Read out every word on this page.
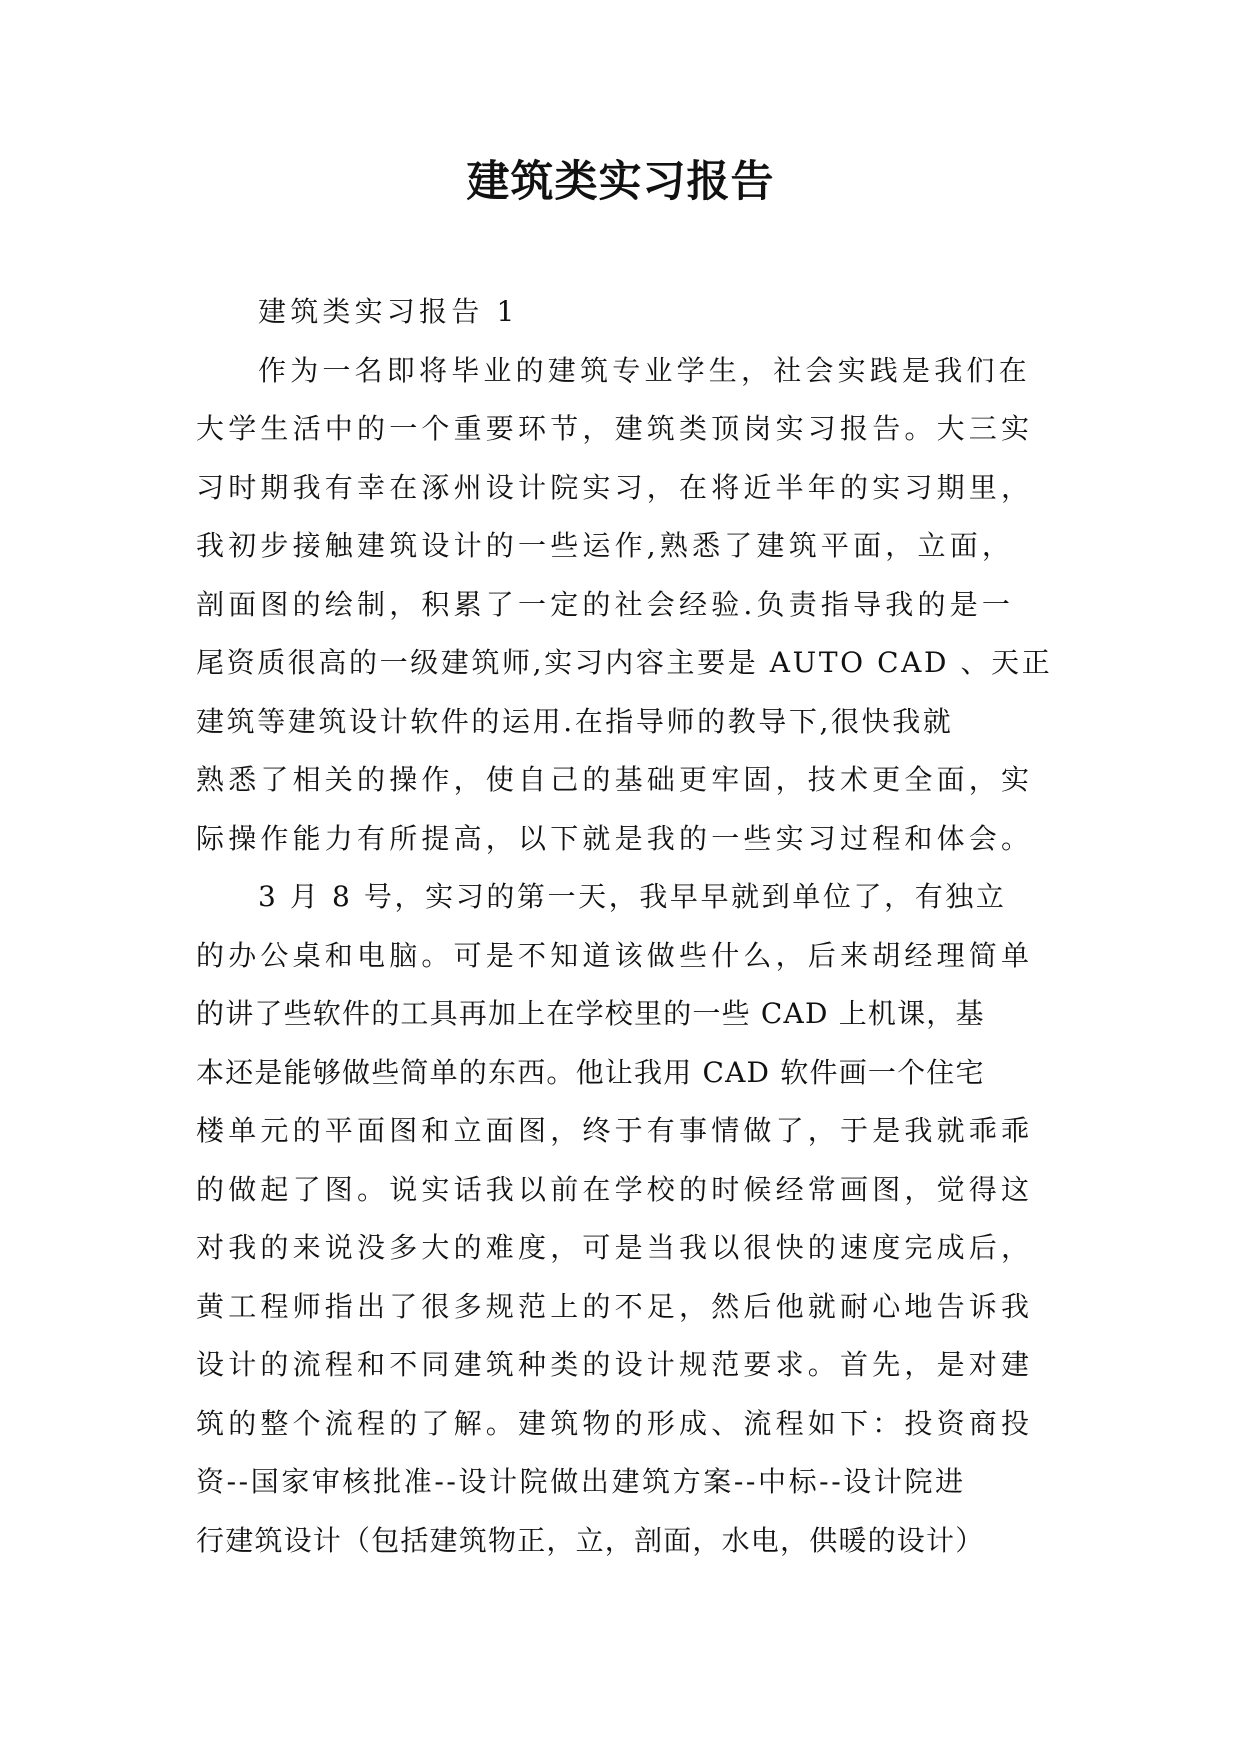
建筑类实习报告
建筑类实习报告 1
作为一名即将毕业的建筑专业学生，社会实践是我们在
大学生活中的一个重要环节，建筑类顶岗实习报告。大三实
习时期我有幸在涿州设计院实习，在将近半年的实习期里，
我初步接触建筑设计的一些运作,熟悉了建筑平面，立面，
剖面图的绘制，积累了一定的社会经验.负责指导我的是一
尾资质很高的一级建筑师,实习内容主要是 AUTO CAD 、天正
建筑等建筑设计软件的运用.在指导师的教导下,很快我就
熟悉了相关的操作，使自己的基础更牢固，技术更全面，实
际操作能力有所提高，以下就是我的一些实习过程和体会。
3 月 8 号，实习的第一天，我早早就到单位了，有独立
的办公桌和电脑。可是不知道该做些什么，后来胡经理简单
的讲了些软件的工具再加上在学校里的一些 CAD 上机课，基
本还是能够做些简单的东西。他让我用 CAD 软件画一个住宅
楼单元的平面图和立面图，终于有事情做了，于是我就乖乖
的做起了图。说实话我以前在学校的时候经常画图，觉得这
对我的来说没多大的难度，可是当我以很快的速度完成后，
黄工程师指出了很多规范上的不足，然后他就耐心地告诉我
设计的流程和不同建筑种类的设计规范要求。首先，是对建
筑的整个流程的了解。建筑物的形成、流程如下：投资商投
资--国家审核批准--设计院做出建筑方案--中标--设计院进
行建筑设计（包括建筑物正，立，剖面，水电，供暖的设计）
